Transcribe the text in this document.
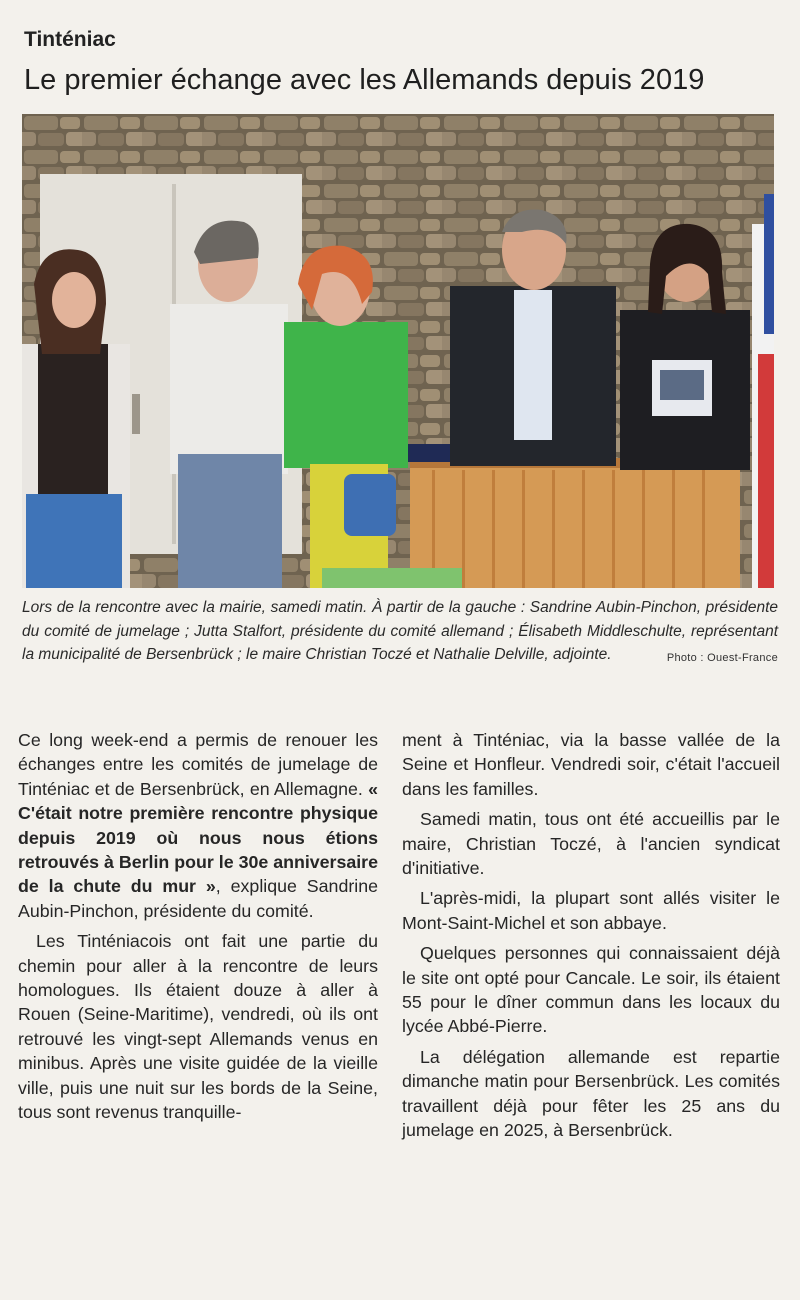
Tinténiac
Le premier échange avec les Allemands depuis 2019
Lors de la rencontre avec la mairie, samedi matin. À partir de la gauche : Sandrine Aubin-Pinchon, présidente du comité de jumelage ; Jutta Stalfort, présidente du comité allemand ; Élisabeth Middleschulte, représentant la municipalité de Bersenbrück ; le maire Christian Toczé et Nathalie Delville, adjointe.	Photo : Ouest-France

Ce long week-end a permis de renouer les échanges entre les comités de jumelage de Tinténiac et de Bersenbrück, en Allemagne. « C'était notre première rencontre physique depuis 2019 où nous nous étions retrouvés à Berlin pour le 30e anniversaire de la chute du mur », explique Sandrine Aubin-Pinchon, présidente du comité.

Les Tinténiacois ont fait une partie du chemin pour aller à la rencontre de leurs homologues. Ils étaient douze à aller à Rouen (Seine-Maritime), vendredi, où ils ont retrouvé les vingt-sept Allemands venus en minibus. Après une visite guidée de la vieille ville, puis une nuit sur les bords de la Seine, tous sont revenus tranquille-

ment à Tinténiac, via la basse vallée de la Seine et Honfleur. Vendredi soir, c'était l'accueil dans les familles.

Samedi matin, tous ont été accueillis par le maire, Christian Toczé, à l'ancien syndicat d'initiative.

L'après-midi, la plupart sont allés visiter le Mont-Saint-Michel et son abbaye.

Quelques personnes qui connaissaient déjà le site ont opté pour Cancale. Le soir, ils étaient 55 pour le dîner commun dans les locaux du lycée Abbé-Pierre.

La délégation allemande est repartie dimanche matin pour Bersenbrück. Les comités travaillent déjà pour fêter les 25 ans du jumelage en 2025, à Bersenbrück.
